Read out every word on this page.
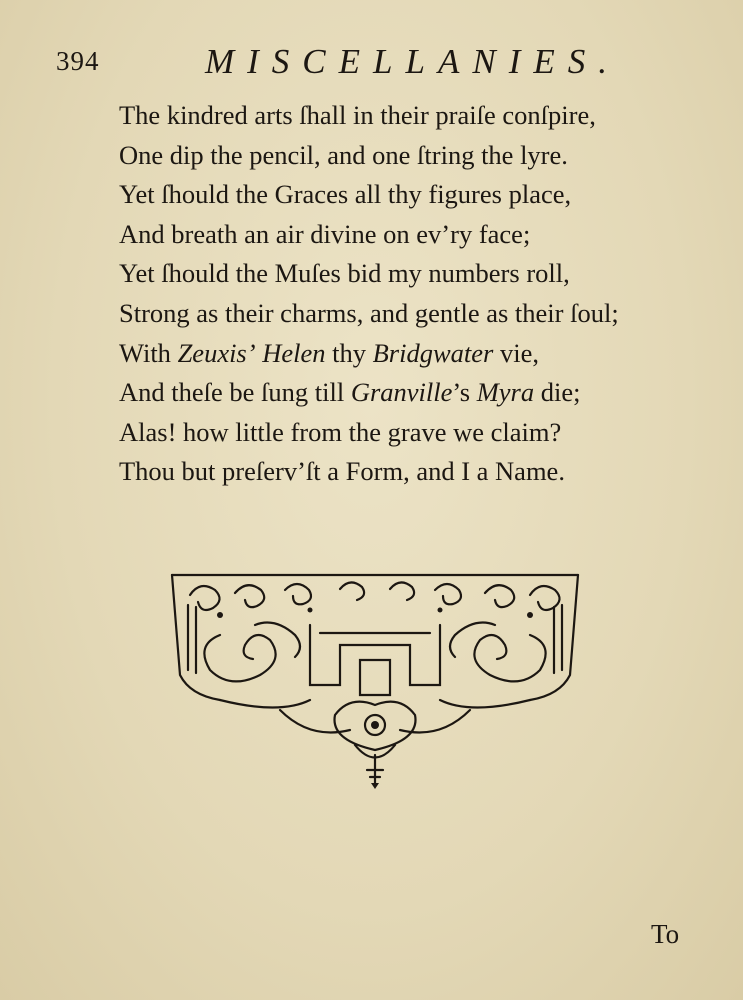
394	MISCELLANIES.
The kindred arts ſhall in their praiſe conſpire,
One dip the pencil, and one ſtring the lyre.
Yet ſhould the Graces all thy figures place,
And breath an air divine on ev’ry face;
Yet ſhould the Muſes bid my numbers roll,
Strong as their charms, and gentle as their ſoul;
With Zeuxis’ Helen thy Bridgwater vie,
And theſe be ſung till Granville’s Myra die;
Alas! how little from the grave we claim?
Thou but preſerv’ſt a Form, and I a Name.
To
